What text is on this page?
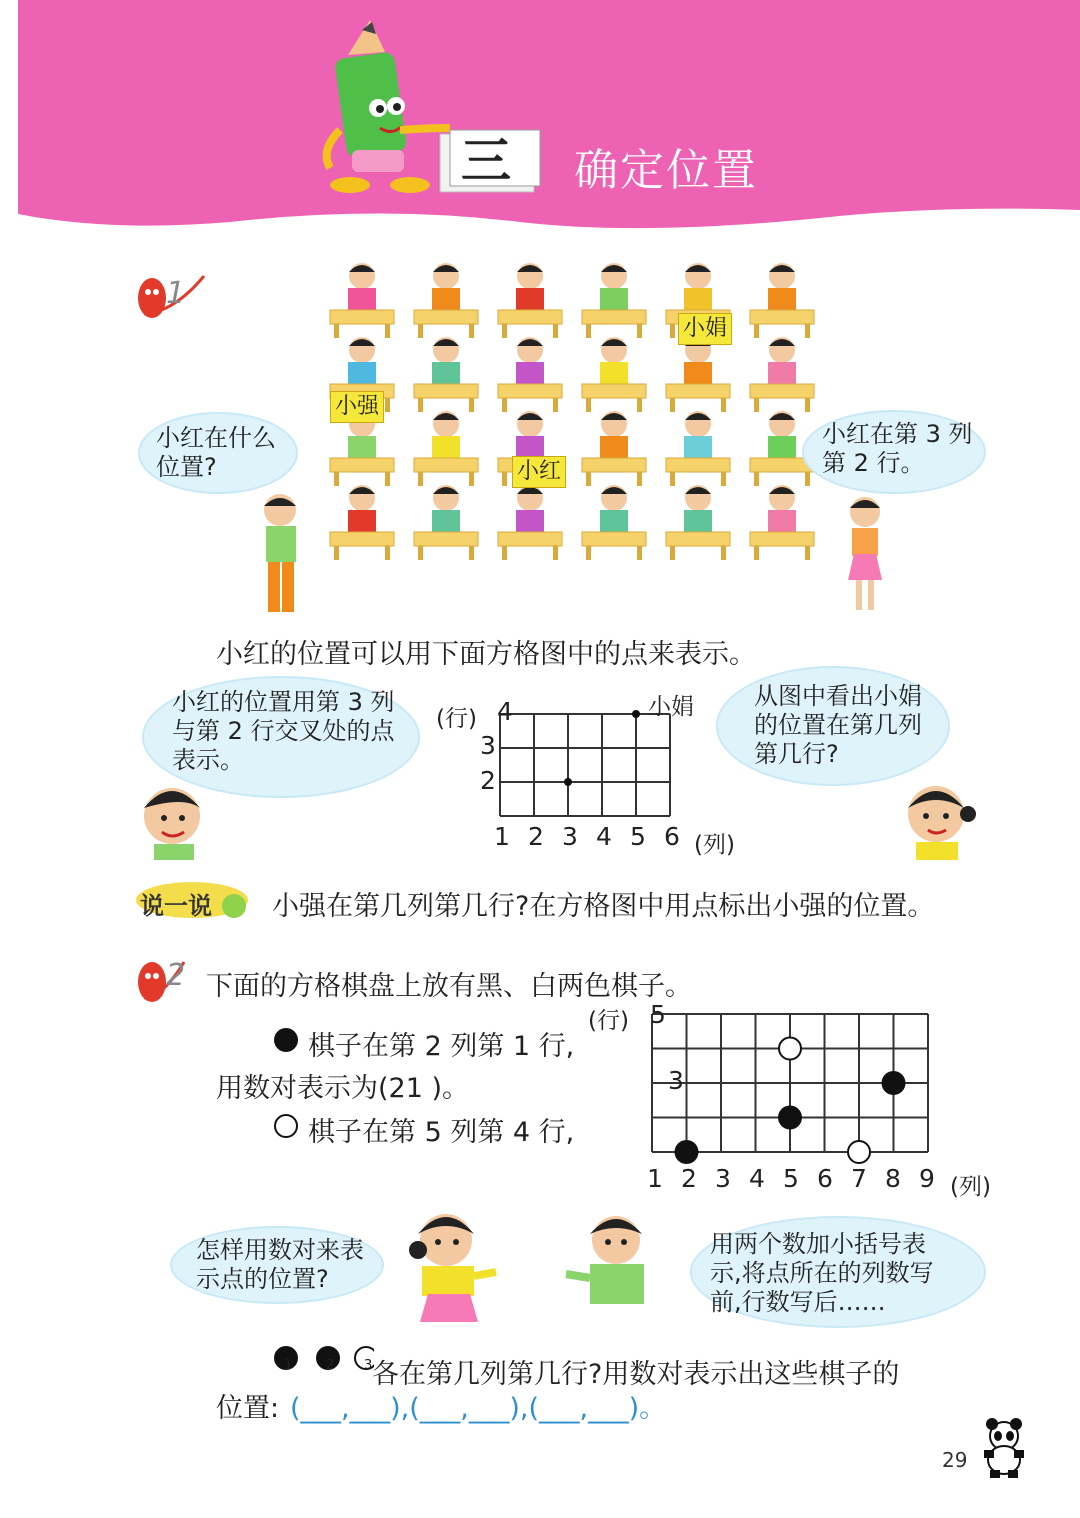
三	确定位置
1
小娟
小强
小红
小红在什么
位置?
小红在第 3 列
第 2 行。
小红的位置可以用下面方格图中的点来表示。
小红的位置用第 3 列
与第 2 行交叉处的点
表示。
(行)	小娟
4
3
2
1 2 3 4 5 6 (列)
从图中看出小娟
的位置在第几列
第几行?
说一说 小强在第几列第几行?在方格图中用点标出小强的位置。
2 下面的方格棋盘上放有黑、白两色棋子。
棋子在第 2 列第 1 行,
用数对表示为(21 )。
棋子在第 5 列第 4 行,
(行) 5
3
1 2 3 4 5 6 7 8 9 (列)
怎样用数对来表
示点的位置?
用两个数加小括号表
示,将点所在的列数写
前,行数写后……
1	2 3 各在第几列第几行?用数对表示出这些棋子的
位置: (___,___),(___,___),(___,___)。
29
